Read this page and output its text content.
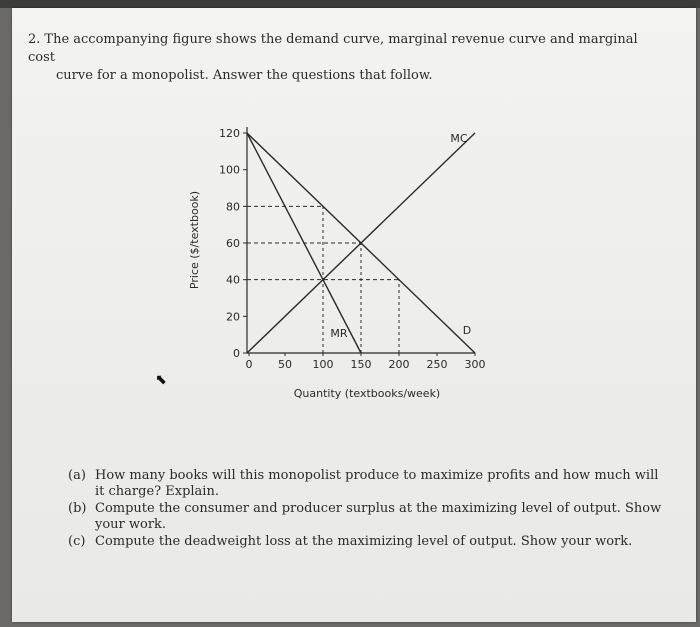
2. The accompanying figure shows the demand curve, marginal revenue curve and marginal cost
curve for a monopolist. Answer the questions that follow.

Quantity (textbooks/week)
Price ($/textbook)
MC
D
MR
0 50 100 150 200 250 300
0
20
40
60
80
100
120
⬉
(a) How many books will this monopolist produce to maximize profits and how much will
it charge? Explain.
(b) Compute the consumer and producer surplus at the maximizing level of output. Show
your work.
(c) Compute the deadweight loss at the maximizing level of output. Show your work.
